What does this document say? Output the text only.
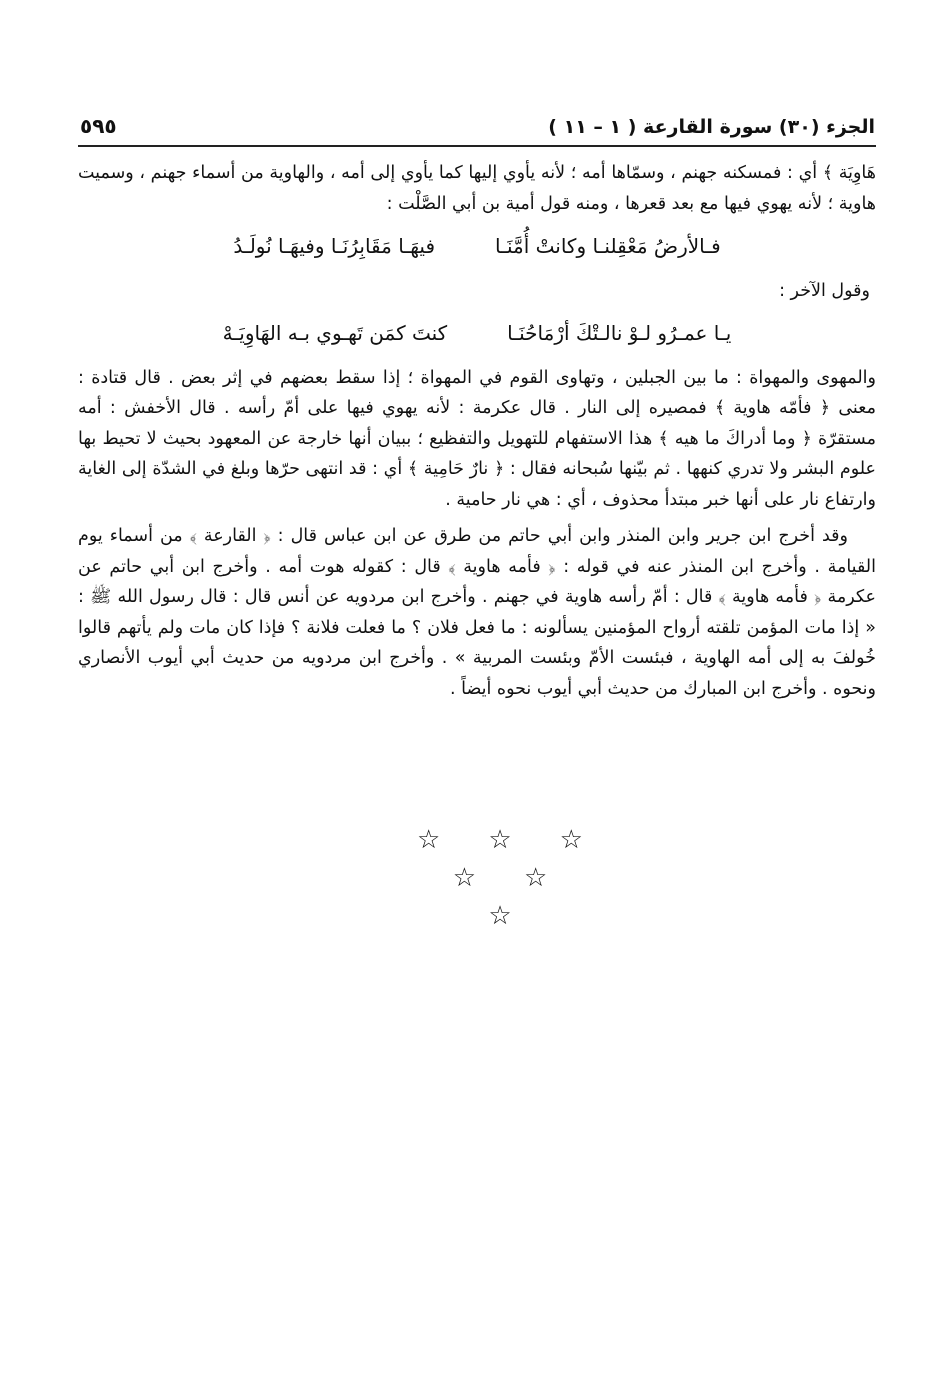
٥٩٥	الجزء (٣٠) سورة القارعة ( ١ – ١١ )

هَاوِيَة ﴾ أي : فمسكنه جهنم ، وسمّاها أمه ؛ لأنه يأوي إليها كما يأوي إلى أمه ، والهاوية من أسماء جهنم ، وسميت هاوية ؛ لأنه يهوي فيها مع بعد قعرها ، ومنه قول أمية بن أبي الصَّلْت :

فـالأرضُ مَعْقِلنـا وكانتْ أُمَّنَـا
فيهَـا مَقَابِرُنَـا وفيهَـا نُولَـدُ

وقول الآخر :

يـا عمـرُو لـوْ نالـتْكَ أرْمَاحُنَـا
كنتَ كمَن تَهـوي بـه الهَاوِيَـهْ

والمهوى والمهواة : ما بين الجبلين ، وتهاوى القوم في المهواة ؛ إذا سقط بعضهم في إثر بعض . قال قتادة : معنى ﴿ فأمّه هاوية ﴾ فمصيره إلى النار . قال عكرمة : لأنه يهوي فيها على أمّ رأسه . قال الأخفش : أمه مستقرّة ﴿ وما أدراكَ ما هيه ﴾ هذا الاستفهام للتهويل والتفظيع ؛ ببيان أنها خارجة عن المعهود بحيث لا تحيط بها علوم البشر ولا تدري كنهها . ثم بيّنها سُبحانه فقال : ﴿ نارٌ حَامِية ﴾ أي : قد انتهى حرّها وبلغ في الشدّة إلى الغاية وارتفاع نار على أنها خبر مبتدأ محذوف ، أي : هي نار حامية .

وقد أخرج ابن جرير وابن المنذر وابن أبي حاتم من طرق عن ابن عباس قال : ﴿ القارعة ﴾ من أسماء يوم القيامة . وأخرج ابن المنذر عنه في قوله : ﴿ فأمه هاوية ﴾ قال : كقوله هوت أمه . وأخرج ابن أبي حاتم عن عكرمة ﴿ فأمه هاوية ﴾ قال : أمّ رأسه هاوية في جهنم . وأخرج ابن مردويه عن أنس قال : قال رسول الله ﷺ : « إذا مات المؤمن تلقته أرواح المؤمنين يسألونه : ما فعل فلان ؟ ما فعلت فلانة ؟ فإذا كان مات ولم يأتهم قالوا خُولفَ به إلى أمه الهاوية ، فبئست الأمّ وبئست المربية » . وأخرج ابن مردويه من حديث أبي أيوب الأنصاري ونحوه . وأخرج ابن المبارك من حديث أبي أيوب نحوه أيضاً .

☆ ☆ ☆
☆ ☆
☆
